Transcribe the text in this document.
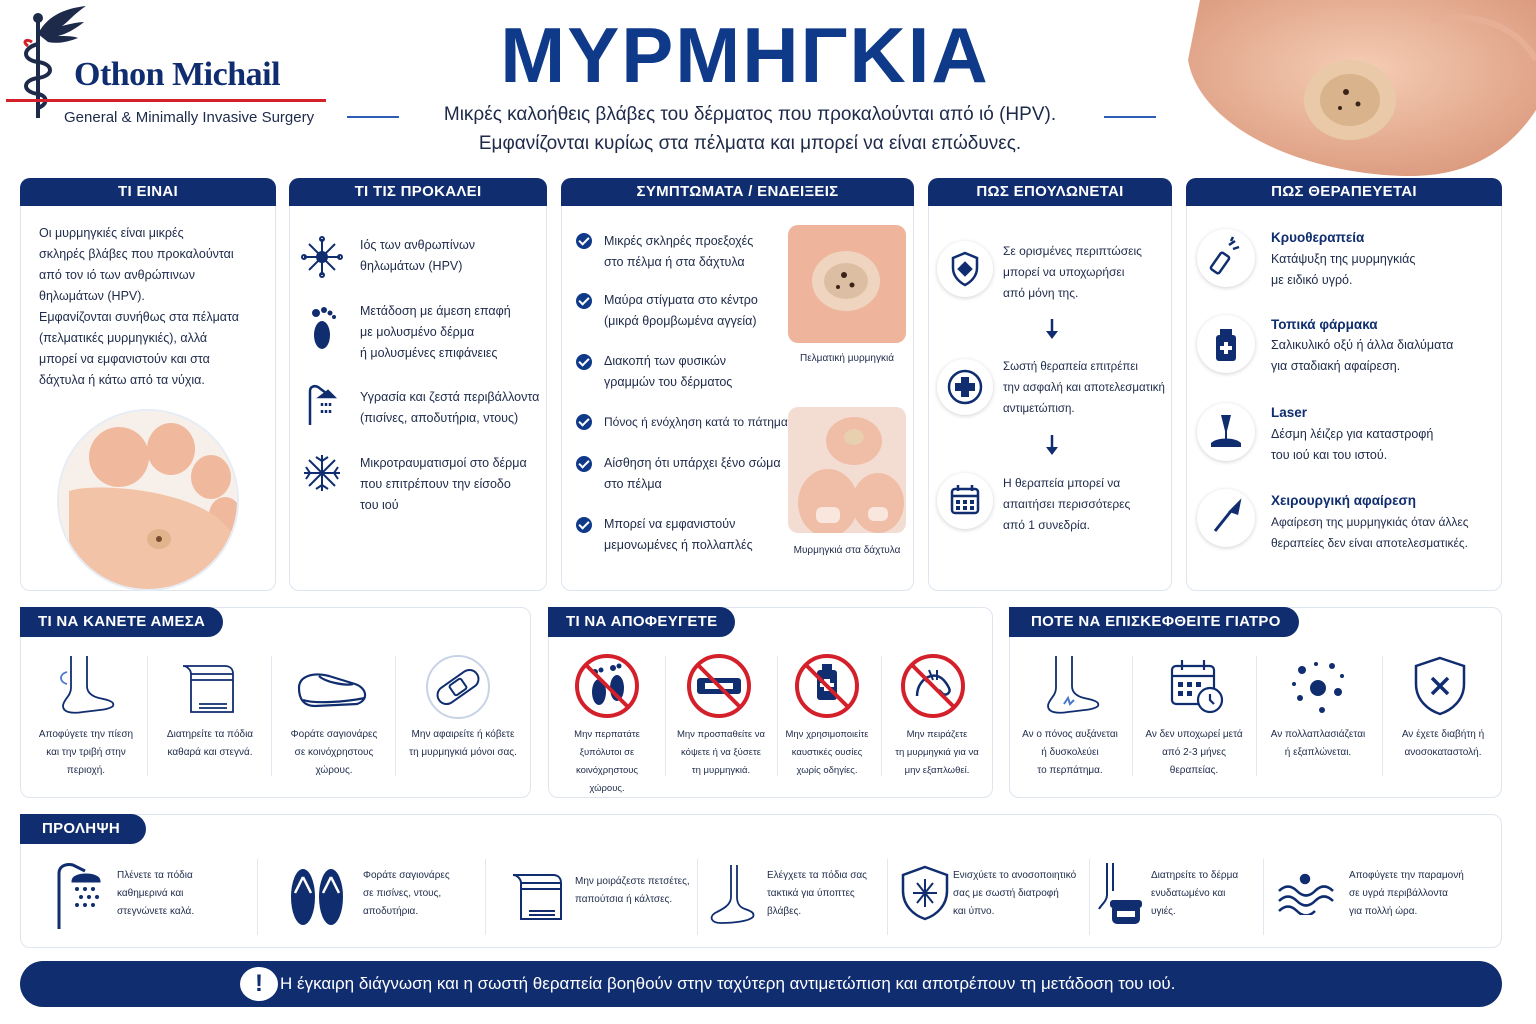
Othon Michail
General & Minimally Invasive Surgery
ΜΥΡΜΗΓΚΙΑ
Μικρές καλοήθεις βλάβες του δέρματος που προκαλούνται από ιό (HPV).
Εμφανίζονται κυρίως στα πέλματα και μπορεί να είναι επώδυνες.
ΤΙ ΕΙΝΑΙ
Οι μυρμηγκιές είναι μικρές
σκληρές βλάβες που προκαλούνται
από τον ιό των ανθρώπινων
θηλωμάτων (HPV).
Εμφανίζονται συνήθως στα πέλματα
(πελματικές μυρμηγκιές), αλλά
μπορεί να εμφανιστούν και στα
δάχτυλα ή κάτω από τα νύχια.
ΤΙ ΤΙΣ ΠΡΟΚΑΛΕΙ
Ιός των ανθρωπίνων
θηλωμάτων (HPV)
Μετάδοση με άμεση επαφή
με μολυσμένο δέρμα
ή μολυσμένες επιφάνειες
Υγρασία και ζεστά περιβάλλοντα
(πισίνες, αποδυτήρια, ντους)
Μικροτραυματισμοί στο δέρμα
που επιτρέπουν την είσοδο
του ιού
ΣΥΜΠΤΩΜΑΤΑ / ΕΝΔΕΙΞΕΙΣ
Μικρές σκληρές προεξοχές
στο πέλμα ή στα δάχτυλα
Μαύρα στίγματα στο κέντρο
(μικρά θρομβωμένα αγγεία)
Διακοπή των φυσικών
γραμμών του δέρματος
Πόνος ή ενόχληση κατά το πάτημα
Αίσθηση ότι υπάρχει ξένο σώμα
στο πέλμα
Μπορεί να εμφανιστούν
μεμονωμένες ή πολλαπλές
Πελματική μυρμηγκιά
Μυρμηγκιά στα δάχτυλα
ΠΩΣ ΕΠΟΥΛΩΝΕΤΑΙ
Σε ορισμένες περιπτώσεις
μπορεί να υποχωρήσει
από μόνη της.
Σωστή θεραπεία επιτρέπει
την ασφαλή και αποτελεσματική
αντιμετώπιση.
Η θεραπεία μπορεί να
απαιτήσει περισσότερες
από 1 συνεδρία.
ΠΩΣ ΘΕΡΑΠΕΥΕΤΑΙ
Κρυοθεραπεία
Κατάψυξη της μυρμηγκιάς
με ειδικό υγρό.
Τοπικά φάρμακα
Σαλικυλικό οξύ ή άλλα διαλύματα
για σταδιακή αφαίρεση.
Laser
Δέσμη λέιζερ για καταστροφή
του ιού και του ιστού.
Χειρουργική αφαίρεση
Αφαίρεση της μυρμηγκιάς όταν άλλες
θεραπείες δεν είναι αποτελεσματικές.
ΤΙ ΝΑ ΚΑΝΕΤΕ ΑΜΕΣΑ
Αποφύγετε την πίεση
και την τριβή στην
περιοχή.
Διατηρείτε τα πόδια
καθαρά και στεγνά.
Φοράτε σαγιονάρες
σε κοινόχρηστους
χώρους.
Μην αφαιρείτε ή κόβετε
τη μυρμηγκιά μόνοι σας.
ΤΙ ΝΑ ΑΠΟΦΕΥΓΕΤΕ
Μην περπατάτε
ξυπόλυτοι σε κοινόχρηστους
χώρους.
Μην προσπαθείτε να
κόψετε ή να ξύσετε
τη μυρμηγκιά.
Μην χρησιμοποιείτε
καυστικές ουσίες
χωρίς οδηγίες.
Μην πειράζετε
τη μυρμηγκιά για να
μην εξαπλωθεί.
ΠΟΤΕ ΝΑ ΕΠΙΣΚΕΦΘΕΙΤΕ ΓΙΑΤΡΟ
Αν ο πόνος αυξάνεται
ή δυσκολεύει
το περπάτημα.
Αν δεν υποχωρεί μετά
από 2-3 μήνες
θεραπείας.
Αν πολλαπλασιάζεται
ή εξαπλώνεται.
Αν έχετε διαβήτη ή
ανοσοκαταστολή.
ΠΡΟΛΗΨΗ
Πλένετε τα πόδια
καθημερινά και
στεγνώνετε καλά.
Φοράτε σαγιονάρες
σε πισίνες, ντους,
αποδυτήρια.
Μην μοιράζεστε πετσέτες,
παπούτσια ή κάλτσες.
Ελέγχετε τα πόδια σας
τακτικά για ύποπτες
βλάβες.
Ενισχύετε το ανοσοποιητικό
σας με σωστή διατροφή
και ύπνο.
Διατηρείτε το δέρμα
ενυδατωμένο και
υγιές.
Αποφύγετε την παραμονή
σε υγρά περιβάλλοντα
για πολλή ώρα.
!	Η έγκαιρη διάγνωση και η σωστή θεραπεία βοηθούν στην ταχύτερη αντιμετώπιση και αποτρέπουν τη μετάδοση του ιού.
